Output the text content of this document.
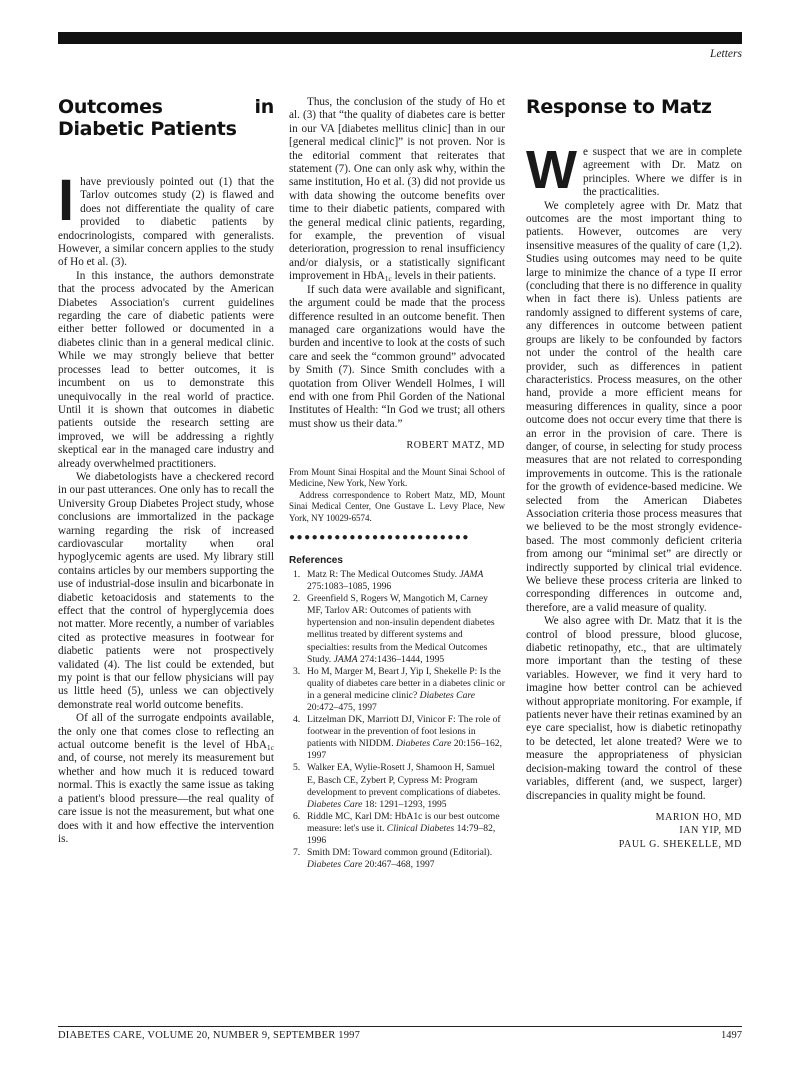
Letters
Outcomes in Diabetic Patients

Ihave previously pointed out (1) that the Tarlov outcomes study (2) is flawed and does not differentiate the quality of care provided to diabetic patients by endocrinologists, compared with generalists. However, a similar concern applies to the study of Ho et al. (3).

In this instance, the authors demonstrate that the process advocated by the American Diabetes Association's current guidelines regarding the care of diabetic patients were either better followed or documented in a diabetes clinic than in a general medical clinic. While we may strongly believe that better processes lead to better outcomes, it is incumbent on us to demonstrate this unequivocally in the real world of practice. Until it is shown that outcomes in diabetic patients outside the research setting are improved, we will be addressing a rightly skeptical ear in the managed care industry and already overwhelmed practitioners.

We diabetologists have a checkered record in our past utterances. One only has to recall the University Group Diabetes Project study, whose conclusions are immortalized in the package warning regarding the risk of increased cardiovascular mortality when oral hypoglycemic agents are used. My library still contains articles by our members supporting the use of industrial-dose insulin and bicarbonate in diabetic ketoacidosis and statements to the effect that the control of hyperglycemia does not matter. More recently, a number of variables cited as protective measures in footwear for diabetic patients were not prospectively validated (4). The list could be extended, but my point is that our fellow physicians will pay us little heed (5), unless we can objectively demonstrate real world outcome benefits.

Of all of the surrogate endpoints available, the only one that comes close to reflecting an actual outcome benefit is the level of HbA$_{1c}$ and, of course, not merely its measurement but whether and how much it is reduced toward normal. This is exactly the same issue as taking a patient's blood pressure—the real quality of care issue is not the measurement, but what one does with it and how effective the intervention is.

Thus, the conclusion of the study of Ho et al. (3) that “the quality of diabetes care is better in our VA [diabetes mellitus clinic] than in our [general medical clinic]” is not proven. Nor is the editorial comment that reiterates that statement (7). One can only ask why, within the same institution, Ho et al. (3) did not provide us with data showing the outcome benefits over time to their diabetic patients, compared with the general medical clinic patients, regarding, for example, the prevention of visual deterioration, progression to renal insufficiency and/or dialysis, or a statistically significant improvement in HbA$_{1c}$ levels in their patients.

If such data were available and significant, the argument could be made that the process difference resulted in an outcome benefit. Then managed care organizations would have the burden and incentive to look at the costs of such care and seek the “common ground” advocated by Smith (7). Since Smith concludes with a quotation from Oliver Wendell Holmes, I will end with one from Phil Gorden of the National Institutes of Health: “In God we trust; all others must show us their data.”

ROBERT MATZ, MD

From Mount Sinai Hospital and the Mount Sinai School of Medicine, New York, New York.

Address correspondence to Robert Matz, MD, Mount Sinai Medical Center, One Gustave L. Levy Place, New York, NY 10029-6574.

●●●●●●●●●●●●●●●●●●●●●●●●
References
1. Matz R: The Medical Outcomes Study. JAMA 275:1083–1085, 1996
2. Greenfield S, Rogers W, Mangotich M, Carney MF, Tarlov AR: Outcomes of patients with hypertension and non-insulin dependent diabetes mellitus treated by different systems and specialties: results from the Medical Outcomes Study. JAMA 274:1436–1444, 1995
3. Ho M, Marger M, Beart J, Yip I, Shekelle P: Is the quality of diabetes care better in a diabetes clinic or in a general medicine clinic? Diabetes Care 20:472–475, 1997
4. Litzelman DK, Marriott DJ, Vinicor F: The role of footwear in the prevention of foot lesions in patients with NIDDM. Diabetes Care 20:156–162, 1997
5. Walker EA, Wylie-Rosett J, Shamoon H, Samuel E, Basch CE, Zybert P, Cypress M: Program development to prevent complications of diabetes. Diabetes Care 18: 1291–1293, 1995
6. Riddle MC, Karl DM: HbA1c is our best outcome measure: let's use it. Clinical Diabetes 14:79–82, 1996
7. Smith DM: Toward common ground (Editorial). Diabetes Care 20:467–468, 1997
Response to Matz

We suspect that we are in complete agreement with Dr. Matz on principles. Where we differ is in the practicalities.

We completely agree with Dr. Matz that outcomes are the most important thing to patients. However, outcomes are very insensitive measures of the quality of care (1,2). Studies using outcomes may need to be quite large to minimize the chance of a type II error (concluding that there is no difference in quality when in fact there is). Unless patients are randomly assigned to different systems of care, any differences in outcome between patient groups are likely to be confounded by factors not under the control of the health care provider, such as differences in patient characteristics. Process measures, on the other hand, provide a more efficient means for measuring differences in quality, since a poor outcome does not occur every time that there is an error in the provision of care. There is danger, of course, in selecting for study process measures that are not related to corresponding improvements in outcome. This is the rationale for the growth of evidence-based medicine. We selected from the American Diabetes Association criteria those process measures that we believed to be the most strongly evidence-based. The most commonly deficient criteria from among our “minimal set” are directly or indirectly supported by clinical trial evidence. We believe these process criteria are linked to corresponding differences in outcome and, therefore, are a valid measure of quality.

We also agree with Dr. Matz that it is the control of blood pressure, blood glucose, diabetic retinopathy, etc., that are ultimately more important than the testing of these variables. However, we find it very hard to imagine how better control can be achieved without appropriate monitoring. For example, if patients never have their retinas examined by an eye care specialist, how is diabetic retinopathy to be detected, let alone treated? Were we to measure the appropriateness of physician decision-making toward the control of these variables, different (and, we suspect, larger) discrepancies in quality might be found.

MARION HO, MD
IAN YIP, MD
PAUL G. SHEKELLE, MD
DIABETES CARE, VOLUME 20, NUMBER 9, SEPTEMBER 1997	1497
